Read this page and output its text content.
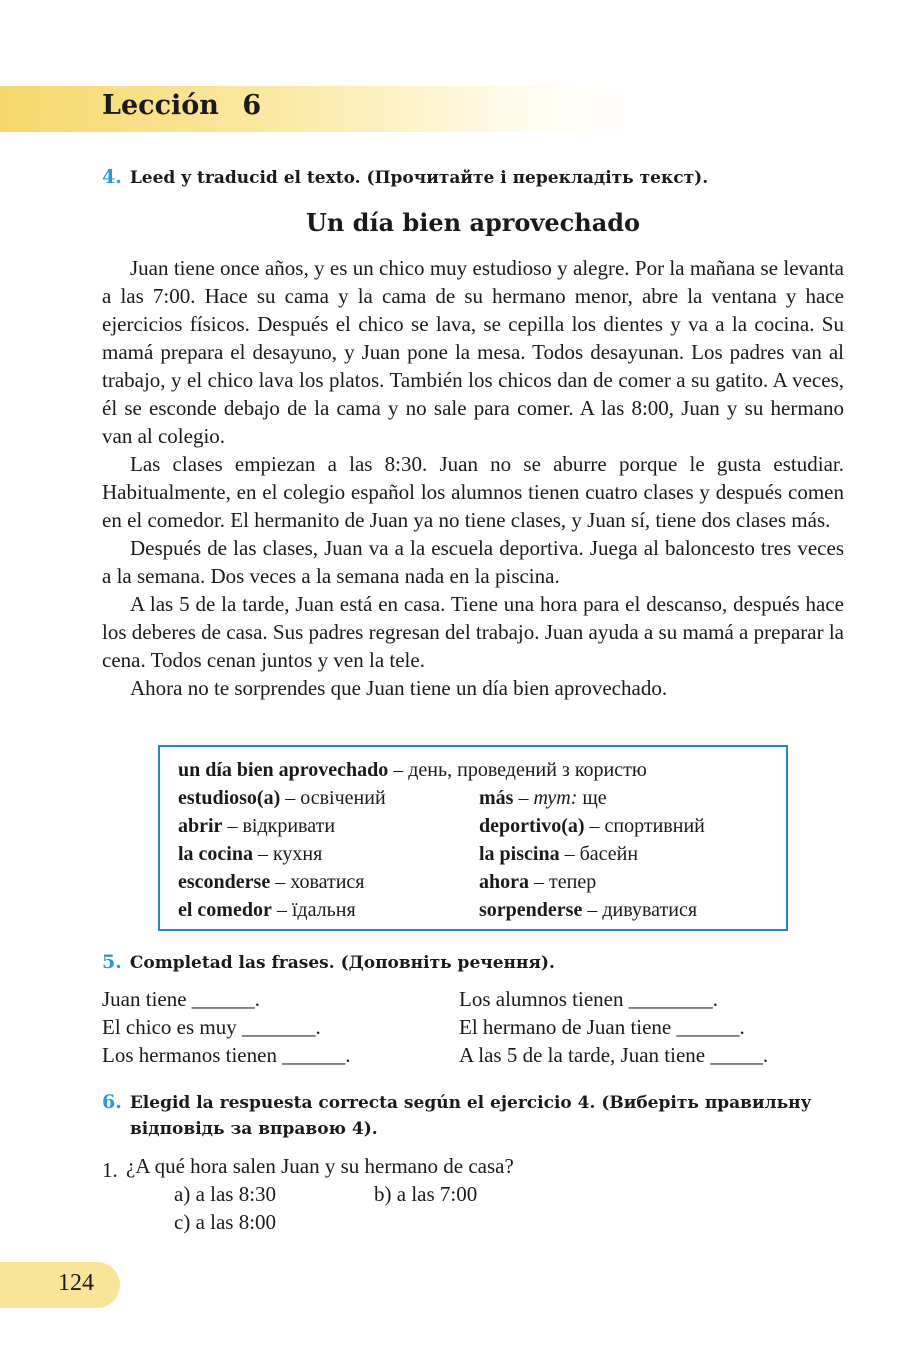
Lección 6
4. Leed y traducid el texto. (Прочитайте і перекладіть текст).
Un día bien aprovechado

Juan tiene once años, y es un chico muy estudioso y alegre. Por la mañana se levanta a las 7:00. Hace su cama y la cama de su hermano menor, abre la ventana y hace ejercicios físicos. Después el chico se lava, se cepilla los dientes y va a la cocina. Su mamá prepara el desayuno, y Juan pone la mesa. Todos desayunan. Los padres van al trabajo, y el chico lava los platos. También los chicos dan de comer a su gatito. A veces, él se esconde debajo de la cama y no sale para comer. A las 8:00, Juan y su hermano van al colegio.

Las clases empiezan a las 8:30. Juan no se aburre porque le gusta estudiar. Habitualmente, en el colegio español los alumnos tienen cuatro clases y después comen en el comedor. El hermanito de Juan ya no tiene clases, y Juan sí, tiene dos clases más.

Después de las clases, Juan va a la escuela deportiva. Juega al baloncesto tres veces a la semana. Dos veces a la semana nada en la piscina.

A las 5 de la tarde, Juan está en casa. Tiene una hora para el descanso, después hace los deberes de casa. Sus padres regresan del trabajo. Juan ayuda a su mamá a preparar la cena. Todos cenan juntos y ven la tele.

Ahora no te sorprendes que Juan tiene un día bien aprovechado.

un día bien aprovechado – день, проведений з користю
estudioso(a) – освічений
abrir – відкривати
la cocina – кухня
esconderse – ховатися
el comedor – їдальня
más – тут: ще
deportivo(a) – спортивний
la piscina – басейн
ahora – тепер
sorpenderse – дивуватися
5. Completad las frases. (Доповніть речення).
Juan tiene ______.
El chico es muy _______.
Los hermanos tienen ______.
Los alumnos tienen ________.
El hermano de Juan tiene ______.
A las 5 de la tarde, Juan tiene _____.
6. Elegid la respuesta correcta según el ejercicio 4. (Виберіть правильну відповідь за вправою 4).
1. ¿A qué hora salen Juan y su hermano de casa?
a) a las 8:30	b) a las 7:00
c) a las 8:00
124
